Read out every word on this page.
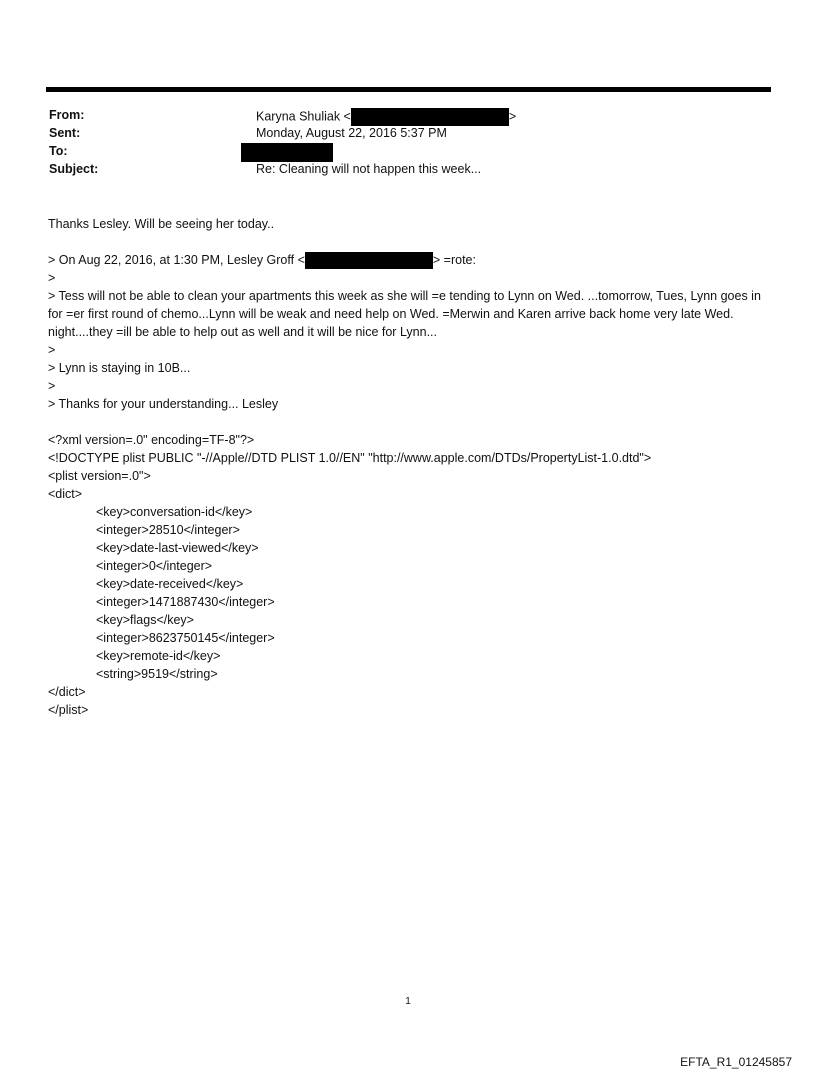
From:	Karyna Shuliak <	>
Sent:	Monday, August 22, 2016 5:37 PM
To:
Subject:	Re: Cleaning will not happen this week...

Thanks Lesley. Will be seeing her today..

> On Aug 22, 2016, at 1:30 PM, Lesley Groff <	> =rote:

>

> Tess will not be able to clean your apartments this week as she will =e tending to Lynn on Wed. ...tomorrow, Tues, Lynn goes in for =er first round of chemo...Lynn will be weak and need help on Wed. =Merwin and Karen arrive back home very late Wed. night....they =ill be able to help out as well and it will be nice for Lynn...

>

> Lynn is staying in 10B...

>

> Thanks for your understanding... Lesley

<?xml version=.0" encoding=TF-8"?>

<!DOCTYPE plist PUBLIC "-//Apple//DTD PLIST 1.0//EN" "http://www.apple.com/DTDs/PropertyList-1.0.dtd">

<plist version=.0">

<dict>

<key>conversation-id</key>

<integer>28510</integer>

<key>date-last-viewed</key>

<integer>0</integer>

<key>date-received</key>

<integer>1471887430</integer>

<key>flags</key>

<integer>8623750145</integer>

<key>remote-id</key>

<string>9519</string>

</dict>

</plist>

1
EFTA_R1_01245857
